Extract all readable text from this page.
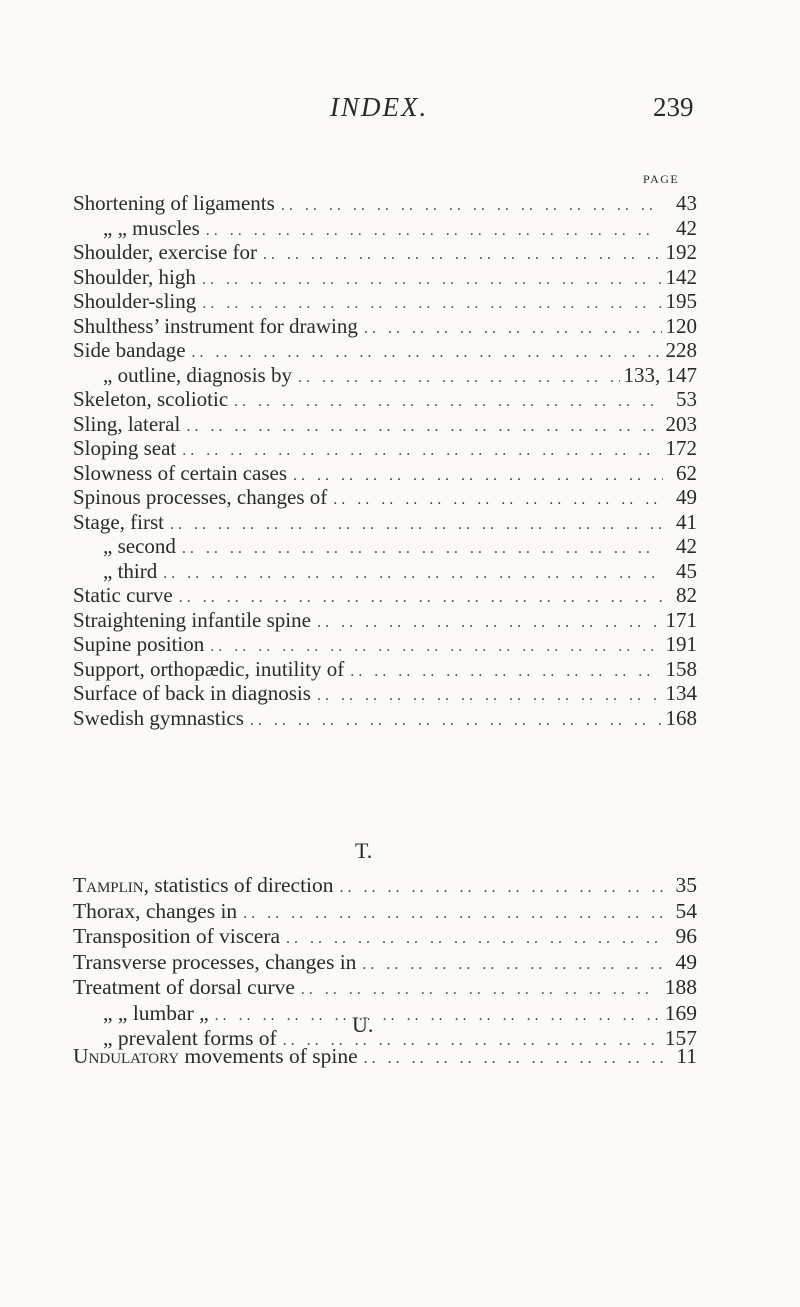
INDEX.	239
PAGE
Shortening of ligaments .. ..	43
„ „ muscles .. ..	42
Shoulder, exercise for .. ..	192
Shoulder, high .. ..	142
Shoulder-sling .. ..	195
Shulthess’ instrument for drawing .. ..	120
Side bandage .. ..	228
„ outline, diagnosis by .. ..	133, 147
Skeleton, scoliotic .. ..	53
Sling, lateral .. ..	203
Sloping seat .. ..	172
Slowness of certain cases .. ..	62
Spinous processes, changes of .. ..	49
Stage, first .. ..	41
„ second .. ..	42
„ third .. ..	45
Static curve .. ..	82
Straightening infantile spine .. ..	171
Supine position .. ..	191
Support, orthopædic, inutility of .. ..	158
Surface of back in diagnosis .. ..	134
Swedish gymnastics .. ..	168
T.
Tamplin, statistics of direction .. ..	35
Thorax, changes in .. ..	54
Transposition of viscera .. ..	96
Transverse processes, changes in .. ..	49
Treatment of dorsal curve .. ..	188
„ „ lumbar „ .. ..	169
„ prevalent forms of .. ..	157
U.
Undulatory movements of spine .. ..	11
